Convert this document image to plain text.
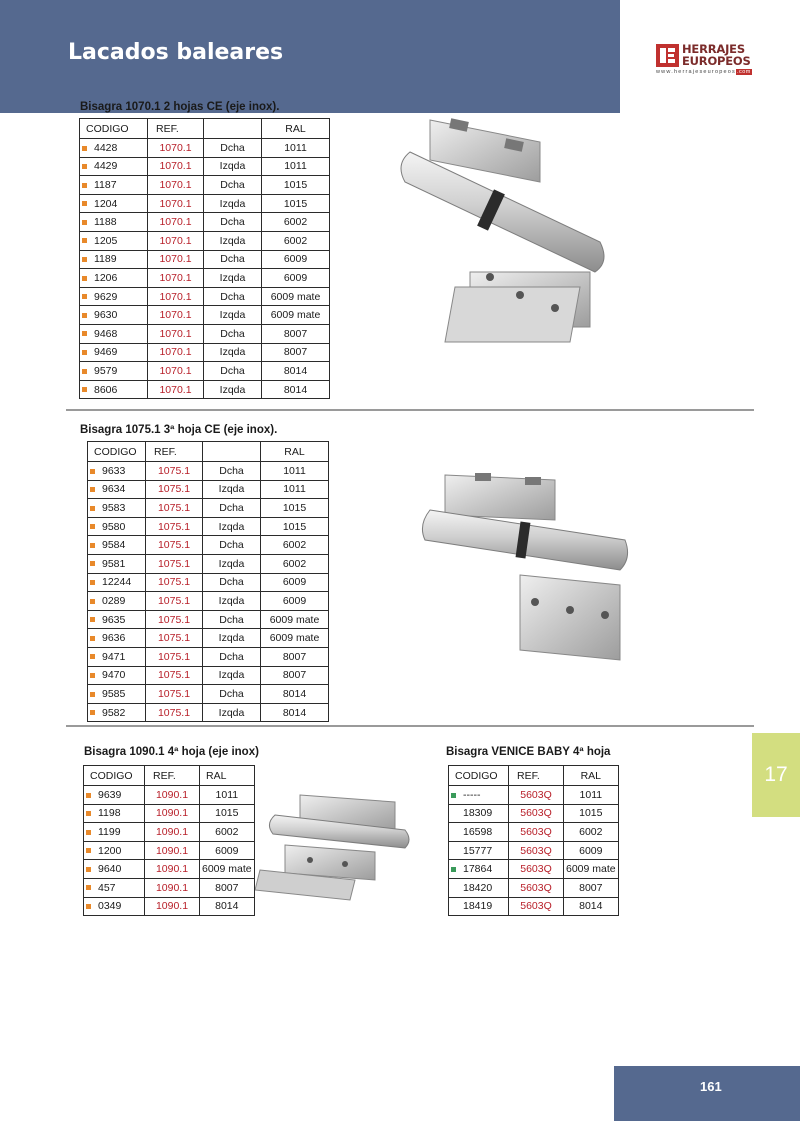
Lacados baleares	HERRAJES
EUROPEOS
www.herrajeseuropeos.com
Bisagra 1070.1 2 hojas CE (eje inox).
CODIGO	REF.		RAL
4428	1070.1	Dcha	1011
4429	1070.1	Izqda	1011
1187	1070.1	Dcha	1015
1204	1070.1	Izqda	1015
1188	1070.1	Dcha	6002
1205	1070.1	Izqda	6002
1189	1070.1	Dcha	6009
1206	1070.1	Izqda	6009
9629	1070.1	Dcha	6009 mate
9630	1070.1	Izqda	6009 mate
9468	1070.1	Dcha	8007
9469	1070.1	Izqda	8007
9579	1070.1	Dcha	8014
8606	1070.1	Izqda	8014
Bisagra 1075.1 3ª hoja CE (eje inox).
CODIGO	REF.		RAL
9633	1075.1	Dcha	1011
9634	1075.1	Izqda	1011
9583	1075.1	Dcha	1015
9580	1075.1	Izqda	1015
9584	1075.1	Dcha	6002
9581	1075.1	Izqda	6002
12244	1075.1	Dcha	6009
0289	1075.1	Izqda	6009
9635	1075.1	Dcha	6009 mate
9636	1075.1	Izqda	6009 mate
9471	1075.1	Dcha	8007
9470	1075.1	Izqda	8007
9585	1075.1	Dcha	8014
9582	1075.1	Izqda	8014
Bisagra 1090.1 4ª hoja (eje inox)
CODIGO	REF.	RAL
9639	1090.1	1011
1198	1090.1	1015
1199	1090.1	6002
1200	1090.1	6009
9640	1090.1	6009 mate
457	1090.1	8007
0349	1090.1	8014
Bisagra VENICE BABY 4ª hoja
CODIGO	REF.	RAL
-----	5603Q	1011
18309	5603Q	1015
16598	5603Q	6002
15777	5603Q	6009
17864	5603Q	6009 mate
18420	5603Q	8007
18419	5603Q	8014
17
161
